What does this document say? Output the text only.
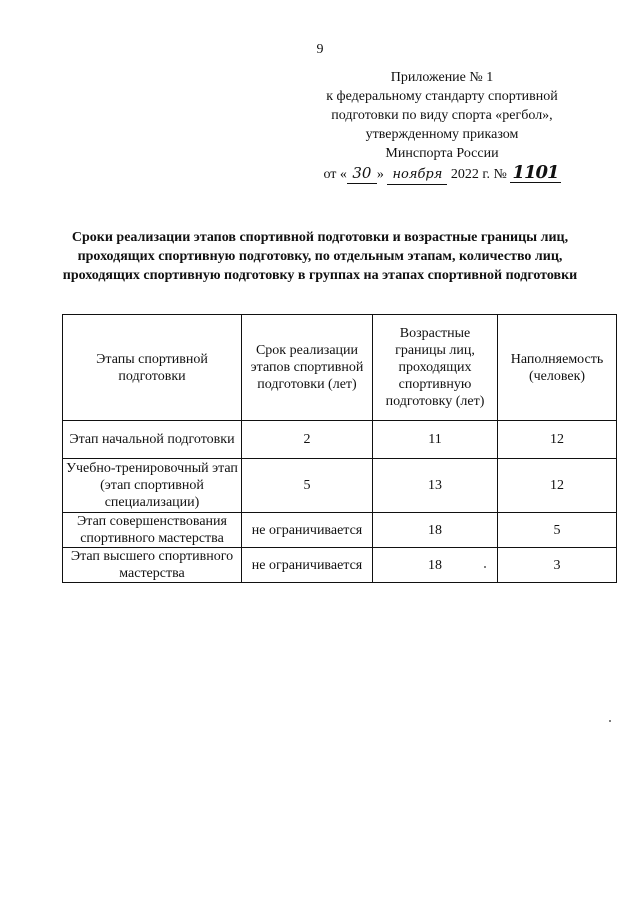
9
Приложение № 1
к федеральному стандарту спортивной
подготовки по виду спорта «регбол»,
утвержденному приказом
Минспорта России
от « 30 » ноября 2022 г. № 1101
Сроки реализации этапов спортивной подготовки и возрастные границы лиц, проходящих спортивную подготовку, по отдельным этапам, количество лиц, проходящих спортивную подготовку в группах на этапах спортивной подготовки
Этапы спортивной подготовки	Срок реализации этапов спортивной подготовки (лет)	Возрастные границы лиц, проходящих спортивную подготовку (лет)	Наполняемость (человек)
Этап начальной подготовки	2	11	12
Учебно-тренировочный этап (этап спортивной специализации)	5	13	12
Этап совершенствования спортивного мастерства	не ограничивается	18	5
Этап высшего спортивного мастерства	не ограничивается	18	3
